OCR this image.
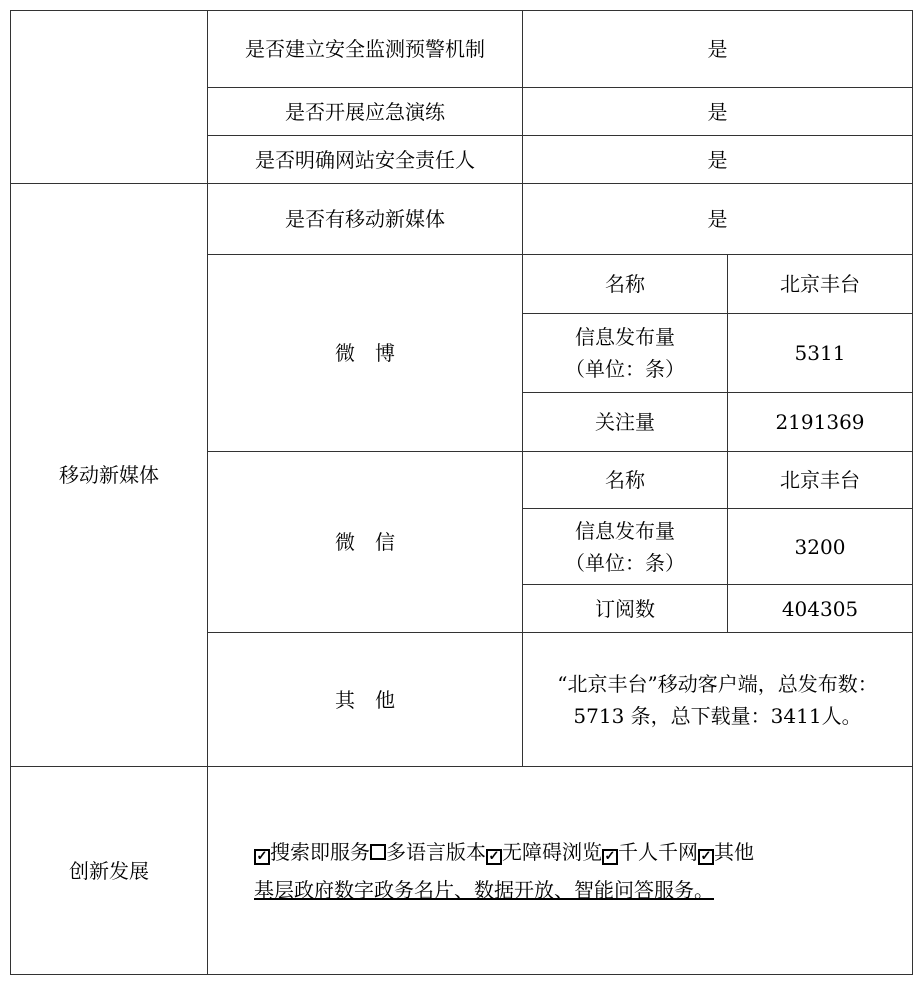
	是否建立安全监测预警机制	是	
	是否开展应急演练	是	
	是否明确网站安全责任人	是	
移动新媒体	是否有移动新媒体	是	
	微　博	名称	北京丰台
		信息发布量（单位：条）	5311
		关注量	2191369
	微　信	名称	北京丰台
		信息发布量（单位：条）	3200
		订阅数	404305
	其　他	“北京丰台”移动客户端，总发布数：5713 条，总下载量：3411人。	
创新发展	✓ 搜索即服务 多语言版本 ✓ 无障碍浏览 ✓ 千人千网 ✓ 其他
基层政府数字政务名片、数据开放、智能问答服务。		
